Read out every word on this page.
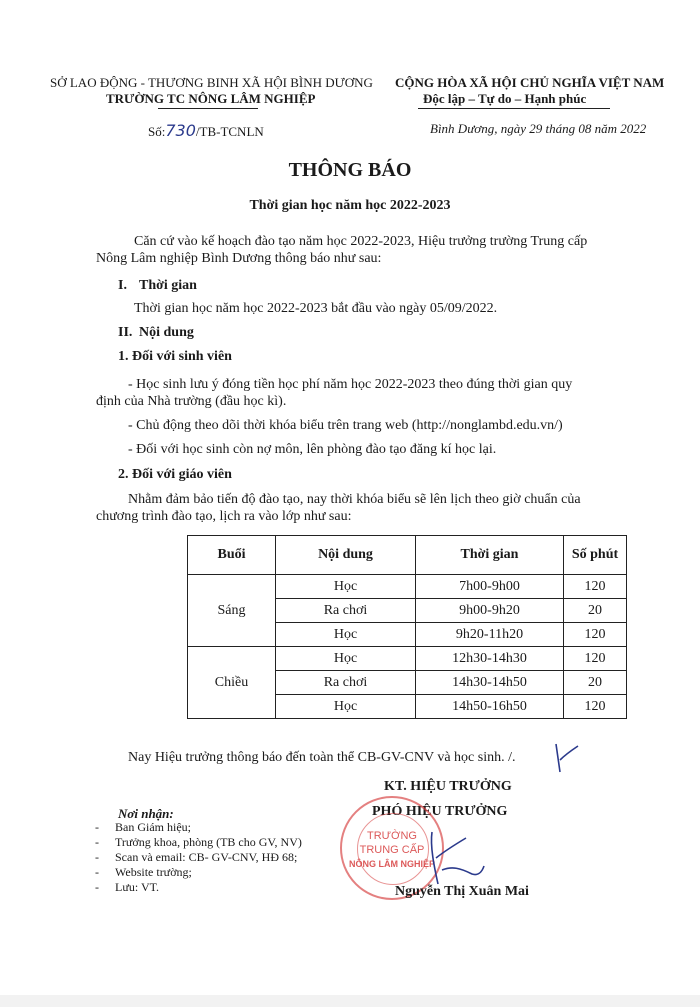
SỞ LAO ĐỘNG - THƯƠNG BINH XÃ HỘI BÌNH DƯƠNG
TRƯỜNG TC NÔNG LÂM NGHIỆP
CỘNG HÒA XÃ HỘI CHỦ NGHĨA VIỆT NAM
Độc lập – Tự do – Hạnh phúc
Số:730/TB-TCNLN	Bình Dương, ngày 29 tháng 08 năm 2022
THÔNG BÁO
Thời gian học năm học 2022-2023
Căn cứ vào kế hoạch đào tạo năm học 2022-2023, Hiệu trưởng trường Trung cấp
Nông Lâm nghiệp Bình Dương thông báo như sau:
I. Thời gian
Thời gian học năm học 2022-2023 bắt đầu vào ngày 05/09/2022.
II. Nội dung
1. Đối với sinh viên
- Học sinh lưu ý đóng tiền học phí năm học 2022-2023 theo đúng thời gian quy
định của Nhà trường (đầu học kì).
- Chủ động theo dõi thời khóa biểu trên trang web (http://nonglambd.edu.vn/)
- Đối với học sinh còn nợ môn, lên phòng đào tạo đăng kí học lại.
2. Đối với giáo viên
Nhằm đảm bảo tiến độ đào tạo, nay thời khóa biểu sẽ lên lịch theo giờ chuẩn của
chương trình đào tạo, lịch ra vào lớp như sau:
Buổi	Nội dung	Thời gian	Số phút
Sáng	Học	7h00-9h00	120
	Ra chơi	9h00-9h20	20
	Học	9h20-11h20	120
Chiều	Học	12h30-14h30	120
	Ra chơi	14h30-14h50	20
	Học	14h50-16h50	120
Nay Hiệu trưởng thông báo đến toàn thể CB-GV-CNV và học sinh. /.
KT. HIỆU TRƯỞNG
PHÓ HIỆU TRƯỞNG
TRƯỜNG
TRUNG CẤP
NÔNG LÂM NGHIỆP
Nguyễn Thị Xuân Mai
Nơi nhận:
- Ban Giám hiệu;
- Trưởng khoa, phòng (TB cho GV, NV)
- Scan và email: CB- GV-CNV, HĐ 68;
- Website trường;
- Lưu: VT.
